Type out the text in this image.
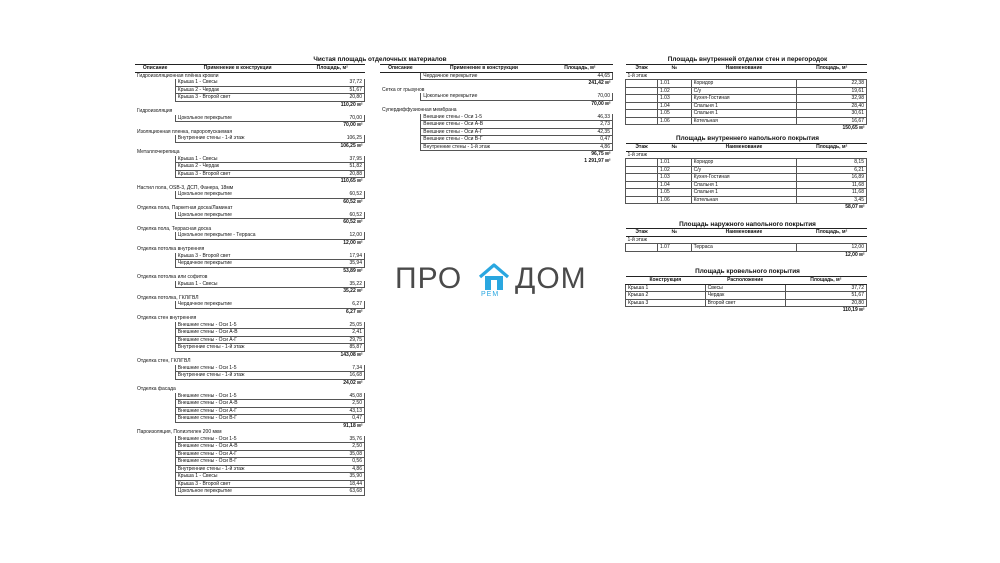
Чистая площадь отделочных материалов
Описание	Применение в конструкции	Площадь, м²
Гидроизоляционная плёнка кровли		
	Крыша 1 - Свесы	37,72
	Крыша 2 - Чердак	51,67
	Крыша 3 - Второй свет	20,80
110,20 м²		
Гидроизоляция		
	Цокольное перекрытие	70,00
70,00 м²		
Изоляционная пленка, пароропускаемая		
	Внутренние стены - 1-й этаж	106,25
106,25 м²		
Металлочерепица		
	Крыша 1 - Свесы	37,95
	Крыша 2 - Чердак	51,82
	Крыша 3 - Второй свет	20,88
110,65 м²		
Настил пола, OSB-3, ДСП, Фанера, 18мм		
	Цокольное перекрытие	60,52
60,52 м²		
Отделка пола, Паркетная доска/Ламинат		
	Цокольное перекрытие	60,52
60,52 м²		
Отделка пола, Террасная доска		
	Цокольное перекрытие - Терраса	12,00
12,00 м²		
Отделка потолка внутренняя		
	Крыша 3 - Второй свет	17,94
	Чердачное перекрытие	35,94
53,89 м²		
Отделка потолка или софитов		
	Крыша 1 - Свесы	35,22
35,22 м²		
Отделка потолка, ГКЛ/ГВЛ		
	Чердачное перекрытие	6,27
6,27 м²		
Отделка стен внутренняя		
	Внешние стены - Оси 1-5	25,05
	Внешние стены - Оси А-В	2,41
	Внешние стены - Оси А-Г	29,75
	Внутренние стены - 1-й этаж	85,87
143,08 м²		
Отделка стен, ГКЛ/ГВЛ		
	Внешние стены - Оси 1-5	7,34
	Внутренние стены - 1-й этаж	16,68
24,02 м²		
Отделка фасада		
	Внешние стены - Оси 1-5	45,08
	Внешние стены - Оси А-В	2,50
	Внешние стены - Оси А-Г	43,13
	Внешние стены - Оси В-Г	0,47
91,18 м²		
Пароизоляция, Полиэтилен 200 мкм		
	Внешние стены - Оси 1-5	35,76
	Внешние стены - Оси А-В	2,50
	Внешние стены - Оси А-Г	35,08
	Внешние стены - Оси В-Г	0,56
	Внутренние стены - 1-й этаж	4,86
	Крыша 1 - Свесы	35,90
	Крыша 3 - Второй свет	18,44
	Цокольное перекрытие	63,68
Описание	Применение в конструкции	Площадь, м²
	Чердачное перекрытие	44,65
241,42 м²		
Сетка от грызунов		
	Цокольное перекрытие	70,00
70,00 м²		
Супердиффузионная мембрана		
	Внешние стены - Оси 1-5	46,33
	Внешние стены - Оси А-В	2,73
	Внешние стены - Оси А-Г	42,35
	Внешние стены - Оси В-Г	0,47
	Внутренние стены - 1-й этаж	4,86
96,75 м²		
1 291,97 м²		
Площадь внутренней отделки стен и перегородок
Этаж	№	Наименование	Площадь, м²
1-й этаж			
	1.01	Коридор	22,38
	1.02	С/у	19,61
	1.03	Кухня-Гостиная	32,98
	1.04	Спальня 1	28,40
	1.05	Спальня 1	30,61
	1.06	Котельная	16,67
150,65 м²			
Площадь внутреннего напольного покрытия
Этаж	№	Наименование	Площадь, м²
1-й этаж			
	1.01	Коридор	8,15
	1.02	С/у	6,21
	1.03	Кухня-Гостиная	16,89
	1.04	Спальня 1	11,68
	1.05	Спальня 1	11,68
	1.06	Котельная	3,45
58,07 м²			
Площадь наружного напольного покрытия
Этаж	№	Наименование	Площадь, м²
1-й этаж			
	1.07	Терраса	12,00
12,00 м²			
Площадь кровельного покрытия
Конструкция	Расположение	Площадь, м²
Крыша 1	Свесы	37,72
Крыша 2	Чердак	51,67
Крыша 3	Второй свет	20,80
110,19 м²		
ПРО	РЕМ ДОМ
